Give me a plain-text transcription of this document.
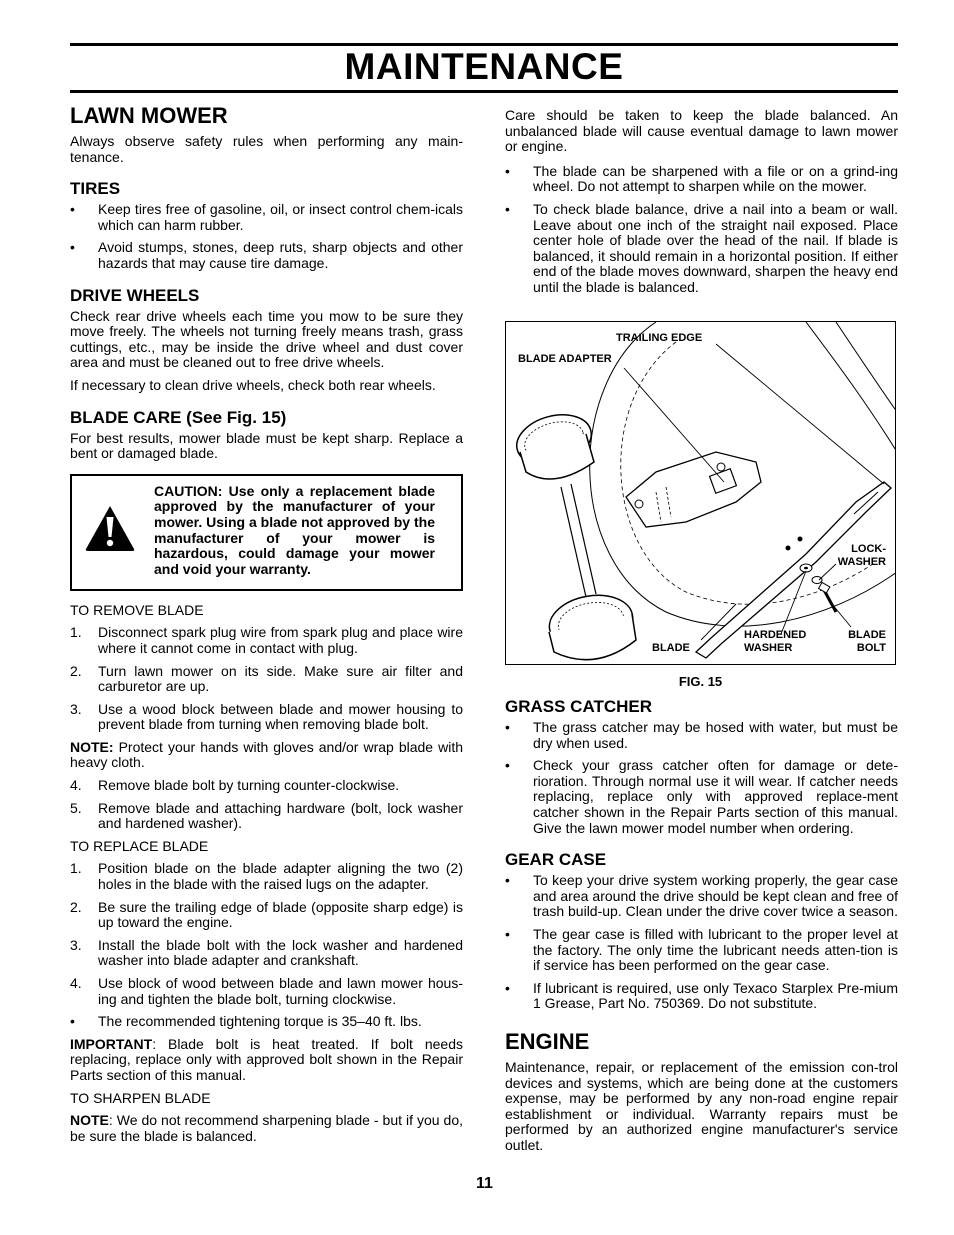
MAINTENANCE
LAWN MOWER

Always observe safety rules when performing any main-tenance.

TIRES
• Keep tires free of gasoline, oil, or insect control chem-icals which can harm rubber.
• Avoid stumps, stones, deep ruts, sharp objects and other hazards that may cause tire damage.
DRIVE WHEELS

Check rear drive wheels each time you mow to be sure they move freely. The wheels not turning freely means trash, grass cuttings, etc., may be inside the drive wheel and dust cover area and must be cleaned out to free drive wheels.

If necessary to clean drive wheels, check both rear wheels.

BLADE CARE (See Fig. 15)

For best results, mower blade must be kept sharp. Replace a bent or damaged blade.

CAUTION: Use only a replacement blade approved by the manufacturer of your mower. Using a blade not approved by the manufacturer of your mower is hazardous, could damage your mower and void your warranty.

TO REMOVE BLADE

1. Disconnect spark plug wire from spark plug and place wire where it cannot come in contact with plug.
2. Turn lawn mower on its side. Make sure air filter and carburetor are up.
3. Use a wood block between blade and mower housing to prevent blade from turning when removing blade bolt.

NOTE: Protect your hands with gloves and/or wrap blade with heavy cloth.

4. Remove blade bolt by turning counter-clockwise.
5. Remove blade and attaching hardware (bolt, lock washer and hardened washer).

TO REPLACE BLADE

1. Position blade on the blade adapter aligning the two (2) holes in the blade with the raised lugs on the adapter.
2. Be sure the trailing edge of blade (opposite sharp edge) is up toward the engine.
3. Install the blade bolt with the lock washer and hardened washer into blade adapter and crankshaft.
4. Use block of wood between blade and lawn mower hous-ing and tighten the blade bolt, turning clockwise.
• The recommended tightening torque is 35–40 ft. lbs.

IMPORTANT: Blade bolt is heat treated. If bolt needs replacing, replace only with approved bolt shown in the Repair Parts section of this manual.

TO SHARPEN BLADE

NOTE: We do not recommend sharpening blade - but if you do, be sure the blade is balanced.

Care should be taken to keep the blade balanced. An unbalanced blade will cause eventual damage to lawn mower or engine.

• The blade can be sharpened with a file or on a grind-ing wheel. Do not attempt to sharpen while on the mower.
• To check blade balance, drive a nail into a beam or wall. Leave about one inch of the straight nail exposed. Place center hole of blade over the head of the nail. If blade is balanced, it should remain in a horizontal position. If either end of the blade moves downward, sharpen the heavy end until the blade is balanced.
TRAILING EDGE
BLADE ADAPTER
LOCK-
WASHER
HARDENED
WASHER
BLADE
BLADE
BOLT
FIG. 15
GRASS CATCHER
• The grass catcher may be hosed with water, but must be dry when used.
• Check your grass catcher often for damage or dete-rioration. Through normal use it will wear. If catcher needs replacing, replace only with approved replace-ment catcher shown in the Repair Parts section of this manual. Give the lawn mower model number when ordering.
GEAR CASE
• To keep your drive system working properly, the gear case and area around the drive should be kept clean and free of trash build-up. Clean under the drive cover twice a season.
• The gear case is filled with lubricant to the proper level at the factory. The only time the lubricant needs atten-tion is if service has been performed on the gear case.
• If lubricant is required, use only Texaco Starplex Pre-mium 1 Grease, Part No. 750369. Do not substitute.
ENGINE

Maintenance, repair, or replacement of the emission con-trol devices and systems, which are being done at the customers expense, may be performed by any non-road engine repair establishment or individual. Warranty repairs must be performed by an authorized engine manufacturer's service outlet.

11
